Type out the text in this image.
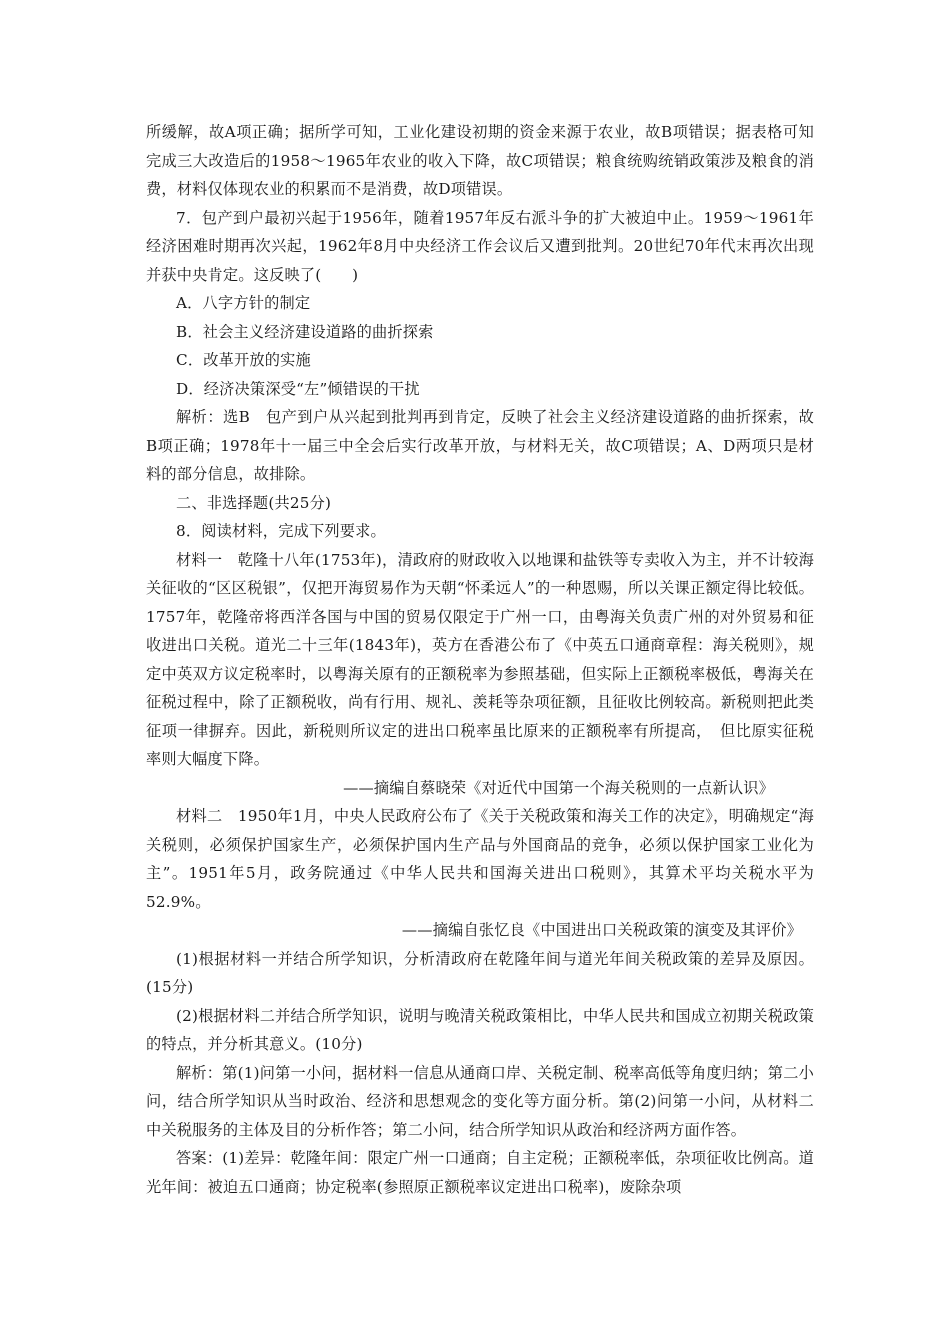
所缓解，故A项正确；据所学可知，工业化建设初期的资金来源于农业，故B项错误；据表格可知完成三大改造后的1958～1965年农业的收入下降，故C项错误；粮食统购统销政策涉及粮食的消费，材料仅体现农业的积累而不是消费，故D项错误。

7．包产到户最初兴起于1956年，随着1957年反右派斗争的扩大被迫中止。1959～1961年经济困难时期再次兴起，1962年8月中央经济工作会议后又遭到批判。20世纪70年代末再次出现并获中央肯定。这反映了(　　)

A．八字方针的制定

B．社会主义经济建设道路的曲折探索

C．改革开放的实施

D．经济决策深受“左”倾错误的干扰

解析：选B　包产到户从兴起到批判再到肯定，反映了社会主义经济建设道路的曲折探索，故B项正确；1978年十一届三中全会后实行改革开放，与材料无关，故C项错误；A、D两项只是材料的部分信息，故排除。

二、非选择题(共25分)

8．阅读材料，完成下列要求。

材料一　乾隆十八年(1753年)，清政府的财政收入以地课和盐铁等专卖收入为主，并不计较海关征收的“区区税银”，仅把开海贸易作为天朝“怀柔远人”的一种恩赐，所以关课正额定得比较低。1757年，乾隆帝将西洋各国与中国的贸易仅限定于广州一口，由粤海关负责广州的对外贸易和征收进出口关税。道光二十三年(1843年)，英方在香港公布了《中英五口通商章程：海关税则》，规定中英双方议定税率时，以粤海关原有的正额税率为参照基础，但实际上正额税率极低，粤海关在征税过程中，除了正额税收，尚有行用、规礼、羡耗等杂项征额，且征收比例较高。新税则把此类征项一律摒弃。因此，新税则所议定的进出口税率虽比原来的正额税率有所提高，　但比原实征税率则大幅度下降。

——摘编自蔡晓荣《对近代中国第一个海关税则的一点新认识》

材料二　1950年1月，中央人民政府公布了《关于关税政策和海关工作的决定》，明确规定“海关税则，必须保护国家生产，必须保护国内生产品与外国商品的竞争，必须以保护国家工业化为主”。1951年5月，政务院通过《中华人民共和国海关进出口税则》，其算术平均关税水平为52.9%。

——摘编自张忆良《中国进出口关税政策的演变及其评价》

(1)根据材料一并结合所学知识，分析清政府在乾隆年间与道光年间关税政策的差异及原因。(15分)

(2)根据材料二并结合所学知识，说明与晚清关税政策相比，中华人民共和国成立初期关税政策的特点，并分析其意义。(10分)

解析：第(1)问第一小问，据材料一信息从通商口岸、关税定制、税率高低等角度归纳；第二小问，结合所学知识从当时政治、经济和思想观念的变化等方面分析。第(2)问第一小问，从材料二中关税服务的主体及目的分析作答；第二小问，结合所学知识从政治和经济两方面作答。

答案：(1)差异：乾隆年间：限定广州一口通商；自主定税；正额税率低，杂项征收比例高。道光年间：被迫五口通商；协定税率(参照原正额税率议定进出口税率)，废除杂项
